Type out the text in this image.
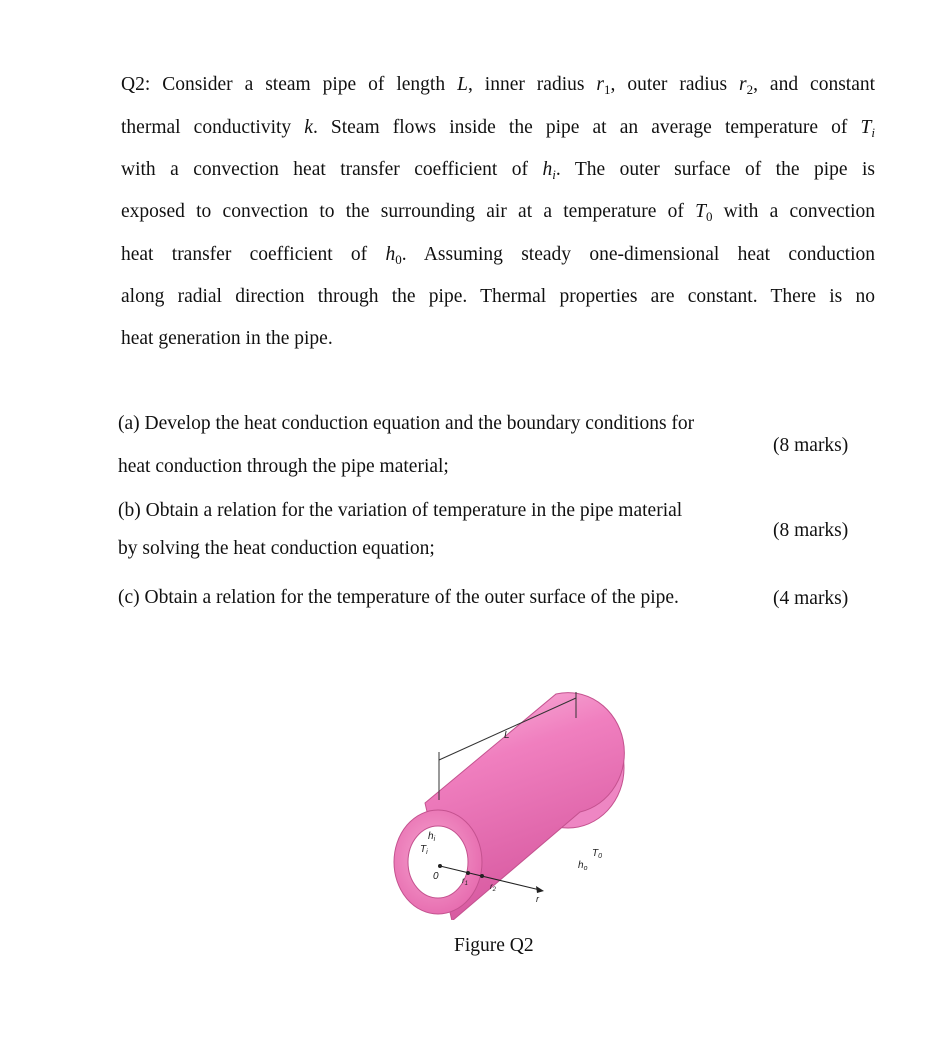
Q2: Consider a steam pipe of length L, inner radius $r_1$, outer radius $r_2$, and constant
thermal conductivity k. Steam flows inside the pipe at an average temperature of $T_i$
with a convection heat transfer coefficient of $h_i$. The outer surface of the pipe is
exposed to convection to the surrounding air at a temperature of $T_0$ with a convection
heat transfer coefficient of $h_0$. Assuming steady one-dimensional heat conduction
along radial direction through the pipe. Thermal properties are constant. There is no
heat generation in the pipe.
(a) Develop the heat conduction equation and the boundary conditions for
heat conduction through the pipe material;
(8 marks)
(b) Obtain a relation for the variation of temperature in the pipe material
by solving the heat conduction equation;
(8 marks)
(c) Obtain a relation for the temperature of the outer surface of the pipe.	(4 marks)
L
$h_i$
$T_i$
0	$r_1$	$r_2$
r
$h_o$
$T_0$
Figure Q2
